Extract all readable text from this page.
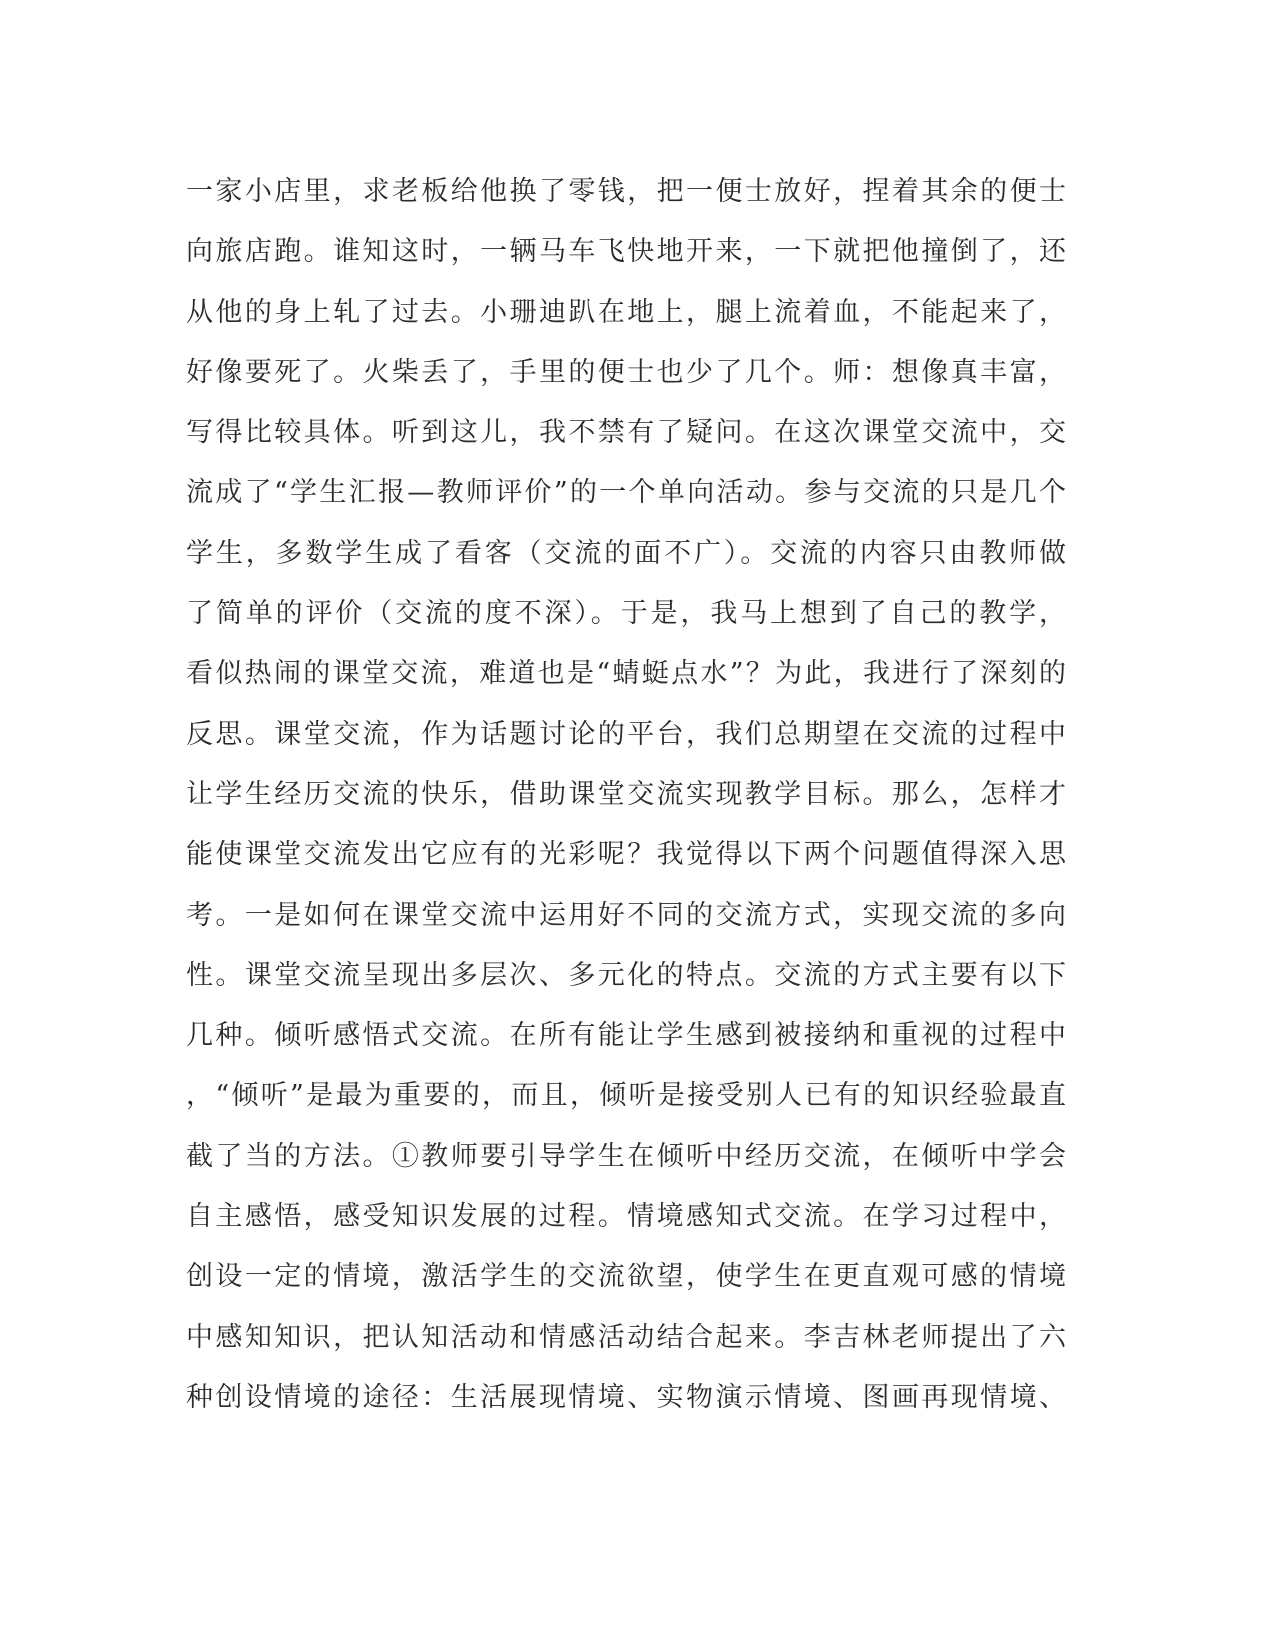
一家小店里，求老板给他换了零钱，把一便士放好，捏着其余的便士
向旅店跑。谁知这时，一辆马车飞快地开来，一下就把他撞倒了，还
从他的身上轧了过去。小珊迪趴在地上，腿上流着血，不能起来了，
好像要死了。火柴丢了，手里的便士也少了几个。师：想像真丰富，
写得比较具体。听到这儿，我不禁有了疑问。在这次课堂交流中，交
流成了“学生汇报—教师评价”的一个单向活动。参与交流的只是几个
学生，多数学生成了看客（交流的面不广）。交流的内容只由教师做
了简单的评价（交流的度不深）。于是，我马上想到了自己的教学，
看似热闹的课堂交流，难道也是“蜻蜓点水”？为此，我进行了深刻的
反思。课堂交流，作为话题讨论的平台，我们总期望在交流的过程中
让学生经历交流的快乐，借助课堂交流实现教学目标。那么，怎样才
能使课堂交流发出它应有的光彩呢？我觉得以下两个问题值得深入思
考。一是如何在课堂交流中运用好不同的交流方式，实现交流的多向
性。课堂交流呈现出多层次、多元化的特点。交流的方式主要有以下
几种。倾听感悟式交流。在所有能让学生感到被接纳和重视的过程中
，“倾听”是最为重要的，而且，倾听是接受别人已有的知识经验最直
截了当的方法。①教师要引导学生在倾听中经历交流，在倾听中学会
自主感悟，感受知识发展的过程。情境感知式交流。在学习过程中，
创设一定的情境，激活学生的交流欲望，使学生在更直观可感的情境
中感知知识，把认知活动和情感活动结合起来。李吉林老师提出了六
种创设情境的途径：生活展现情境、实物演示情境、图画再现情境、
